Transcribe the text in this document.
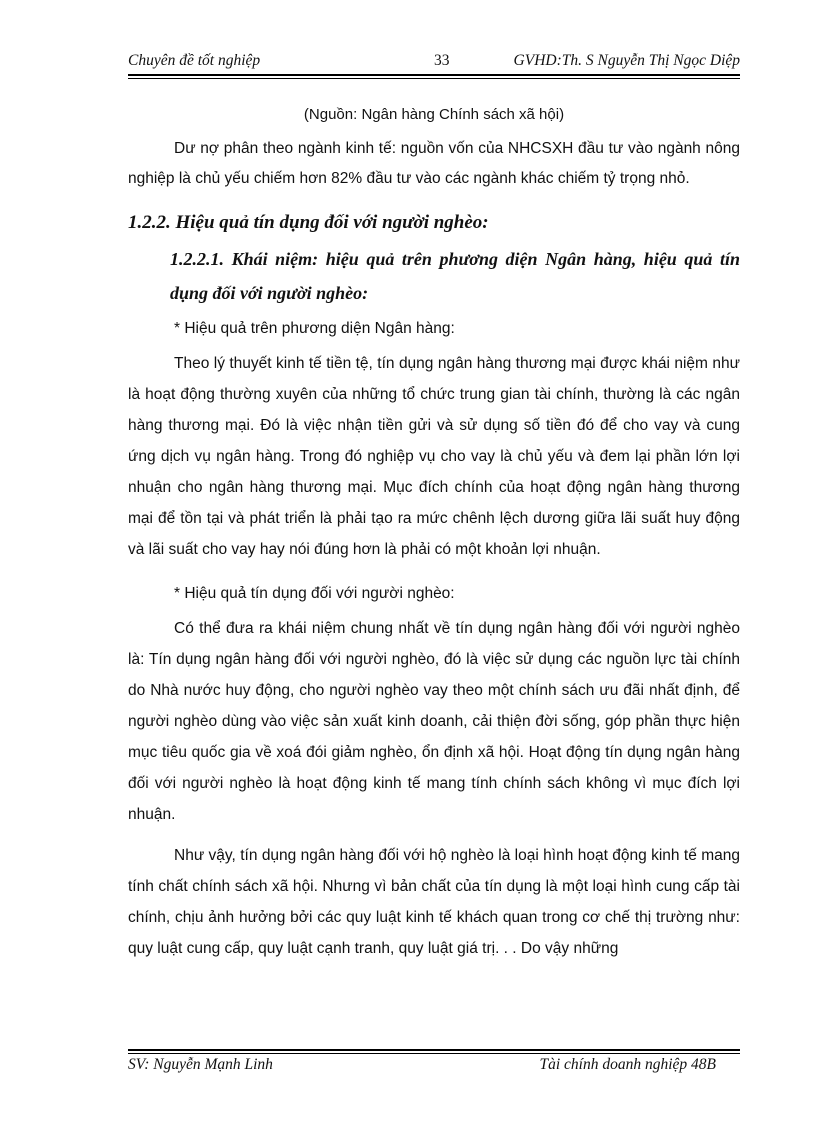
Chuyên đề tốt nghiệp	33	GVHD:Th. S Nguyễn Thị Ngọc Diệp

(Nguồn: Ngân hàng Chính sách xã hội)

Dư nợ phân theo ngành kinh tế: nguồn vốn của NHCSXH đầu tư vào ngành nông nghiệp là chủ yếu chiếm hơn 82% đầu tư vào các ngành khác chiếm tỷ trọng nhỏ.

1.2.2. Hiệu quả tín dụng đối với người nghèo:
1.2.2.1. Khái niệm: hiệu quả trên phương diện Ngân hàng, hiệu quả tín dụng đối với người nghèo:

* Hiệu quả trên phương diện Ngân hàng:

Theo lý thuyết kinh tế tiền tệ, tín dụng ngân hàng thương mại được khái niệm như là hoạt động thường xuyên của những tổ chức trung gian tài chính, thường là các ngân hàng thương mại. Đó là việc nhận tiền gửi và sử dụng số tiền đó để cho vay và cung ứng dịch vụ ngân hàng. Trong đó nghiệp vụ cho vay là chủ yếu và đem lại phần lớn lợi nhuận cho ngân hàng thương mại. Mục đích chính của hoạt động ngân hàng thương mại để tồn tại và phát triển là phải tạo ra mức chênh lệch dương giữa lãi suất huy động và lãi suất cho vay hay nói đúng hơn là phải có một khoản lợi nhuận.

* Hiệu quả tín dụng đối với người nghèo:

Có thể đưa ra khái niệm chung nhất về tín dụng ngân hàng đối với người nghèo là: Tín dụng ngân hàng đối với người nghèo, đó là việc sử dụng các nguồn lực tài chính do Nhà nước huy động, cho người nghèo vay theo một chính sách ưu đãi nhất định, để người nghèo dùng vào việc sản xuất kinh doanh, cải thiện đời sống, góp phần thực hiện mục tiêu quốc gia về xoá đói giảm nghèo, ổn định xã hội. Hoạt động tín dụng ngân hàng đối với người nghèo là hoạt động kinh tế mang tính chính sách không vì mục đích lợi nhuận.

Như vậy, tín dụng ngân hàng đối với hộ nghèo là loại hình hoạt động kinh tế mang tính chất chính sách xã hội. Nhưng vì bản chất của tín dụng là một loại hình cung cấp tài chính, chịu ảnh hưởng bởi các quy luật kinh tế khách quan trong cơ chế thị trường như: quy luật cung cấp, quy luật cạnh tranh, quy luật giá trị. . . Do vậy những

SV: Nguyễn Mạnh Linh	Tài chính doanh nghiệp 48B
